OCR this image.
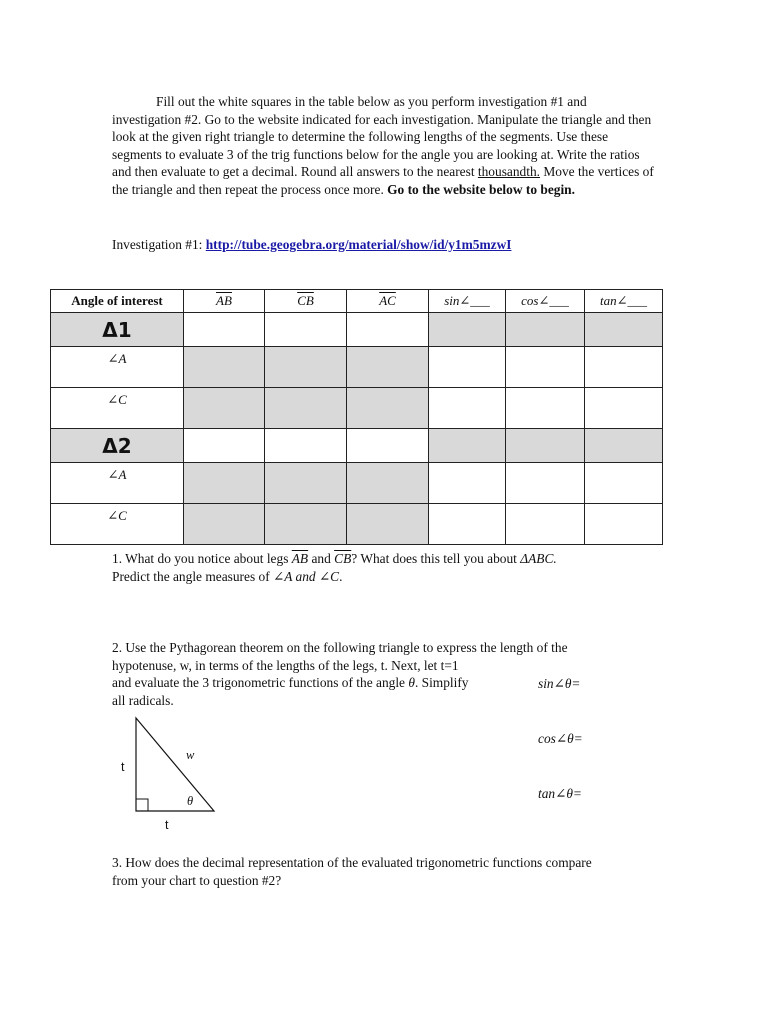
Fill out the white squares in the table below as you perform investigation #1 and investigation #2. Go to the website indicated for each investigation. Manipulate the triangle and then look at the given right triangle to determine the following lengths of the segments. Use these segments to evaluate 3 of the trig functions below for the angle you are looking at. Write the ratios and then evaluate to get a decimal. Round all answers to the nearest thousandth. Move the vertices of the triangle and then repeat the process once more. Go to the website below to begin.

Investigation #1: http://tube.geogebra.org/material/show/id/y1m5mzwI
Angle of interest	$\overline{AB}$	$\overline{CB}$	$\overline{AC}$	sin∠___	cos∠___	tan∠___
Δ1						
∠A						
∠C						
Δ2						
∠A						
∠C						

1. What do you notice about legs $\overline{AB}$ and $\overline{CB}$? What does this tell you about ΔABC.

Predict the angle measures of ∠A and ∠C.

2. Use the Pythagorean theorem on the following triangle to express the length of the

hypotenuse, w, in terms of the lengths of the legs, t. Next, let t=1

and evaluate the 3 trigonometric functions of the angle θ. Simplify

all radicals.

sin∠θ=
cos∠θ=
tan∠θ=
t
t
w
θ

3. How does the decimal representation of the evaluated trigonometric functions compare

from your chart to question #2?
